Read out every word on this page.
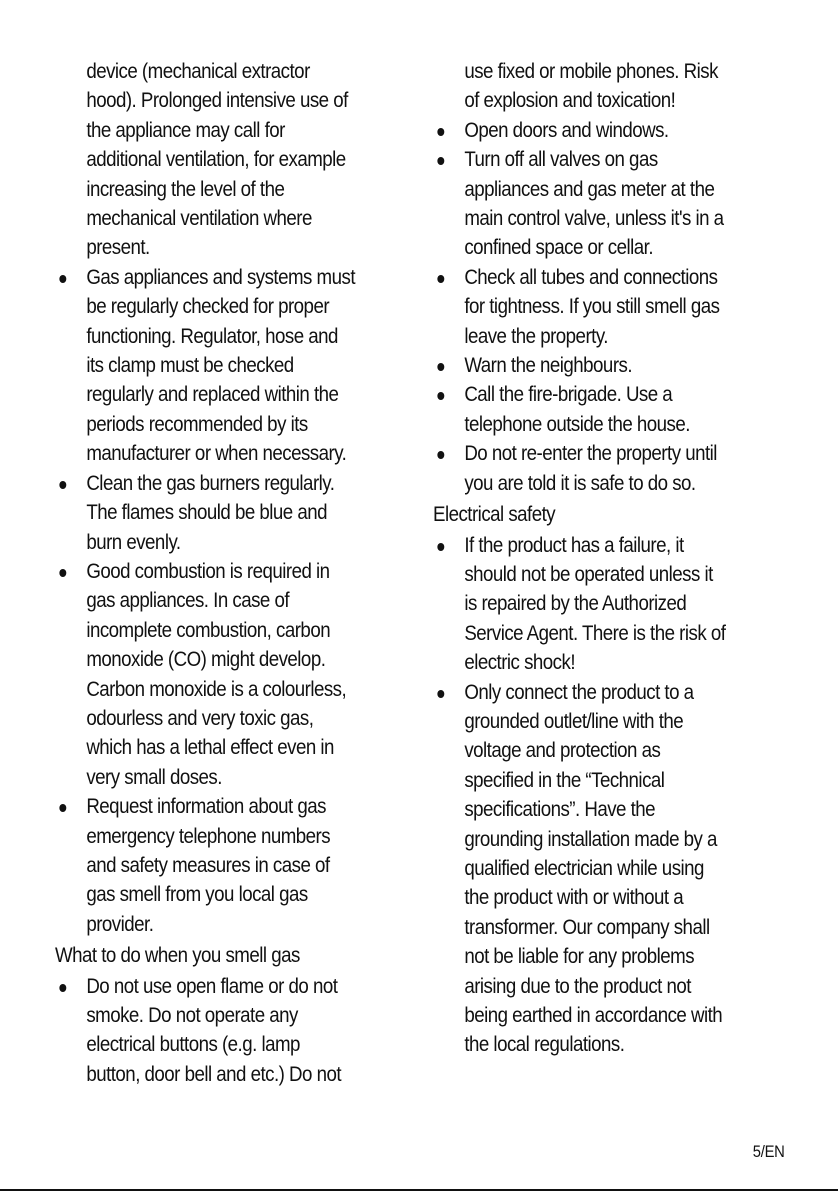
device (mechanical extractor
hood). Prolonged intensive use of
the appliance may call for
additional ventilation, for example
increasing the level of the
mechanical ventilation where
present.

Gas appliances and systems must
be regularly checked for proper
functioning. Regulator, hose and
its clamp must be checked
regularly and replaced within the
periods recommended by its
manufacturer or when necessary.
Clean the gas burners regularly.
The flames should be blue and
burn evenly.
Good combustion is required in
gas appliances. In case of
incomplete combustion, carbon
monoxide (CO) might develop.
Carbon monoxide is a colourless,
odourless and very toxic gas,
which has a lethal effect even in
very small doses.
Request information about gas
emergency telephone numbers
and safety measures in case of
gas smell from you local gas
provider.
What to do when you smell gas
Do not use open flame or do not
smoke. Do not operate any
electrical buttons (e.g. lamp
button, door bell and etc.) Do not

use fixed or mobile phones. Risk
of explosion and toxication!

Open doors and windows.
Turn off all valves on gas
appliances and gas meter at the
main control valve, unless it's in a
confined space or cellar.
Check all tubes and connections
for tightness. If you still smell gas
leave the property.
Warn the neighbours.
Call the fire-brigade. Use a
telephone outside the house.
Do not re-enter the property until
you are told it is safe to do so.
Electrical safety
If the product has a failure, it
should not be operated unless it
is repaired by the Authorized
Service Agent. There is the risk of
electric shock!
Only connect the product to a
grounded outlet/line with the
voltage and protection as
specified in the “Technical
specifications”. Have the
grounding installation made by a
qualified electrician while using
the product with or without a
transformer. Our company shall
not be liable for any problems
arising due to the product not
being earthed in accordance with
the local regulations.
5/EN
